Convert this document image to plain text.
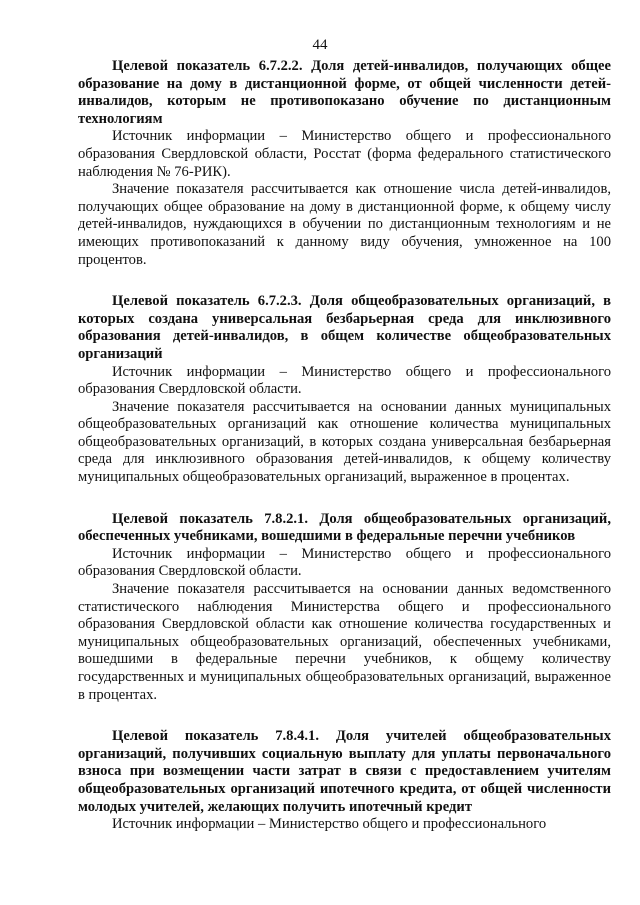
44

Целевой показатель 6.7.2.2. Доля детей-инвалидов, получающих общее образование на дому в дистанционной форме, от общей численности детей-инвалидов, которым не противопоказано обучение по дистанционным технологиям

Источник информации – Министерство общего и профессионального образования Свердловской области, Росстат (форма федерального статистического наблюдения № 76-РИК).

Значение показателя рассчитывается как отношение числа детей-инвалидов, получающих общее образование на дому в дистанционной форме, к общему числу детей-инвалидов, нуждающихся в обучении по дистанционным технологиям и не имеющих противопоказаний к данному виду обучения, умноженное на 100 процентов.

Целевой показатель 6.7.2.3. Доля общеобразовательных организаций, в которых создана универсальная безбарьерная среда для инклюзивного образования детей-инвалидов, в общем количестве общеобразовательных организаций

Источник информации – Министерство общего и профессионального образования Свердловской области.

Значение показателя рассчитывается на основании данных муниципальных общеобразовательных организаций как отношение количества муниципальных общеобразовательных организаций, в которых создана универсальная безбарьерная среда для инклюзивного образования детей-инвалидов, к общему количеству муниципальных общеобразовательных организаций, выраженное в процентах.

Целевой показатель 7.8.2.1. Доля общеобразовательных организаций, обеспеченных учебниками, вошедшими в федеральные перечни учебников

Источник информации – Министерство общего и профессионального образования Свердловской области.

Значение показателя рассчитывается на основании данных ведомственного статистического наблюдения Министерства общего и профессионального образования Свердловской области как отношение количества государственных и муниципальных общеобразовательных организаций, обеспеченных учебниками, вошедшими в федеральные перечни учебников, к общему количеству государственных и муниципальных общеобразовательных организаций, выраженное в процентах.

Целевой показатель 7.8.4.1. Доля учителей общеобразовательных организаций, получивших социальную выплату для уплаты первоначального взноса при возмещении части затрат в связи с предоставлением учителям общеобразовательных организаций ипотечного кредита, от общей численности молодых учителей, желающих получить ипотечный кредит

Источник информации – Министерство общего и профессионального
